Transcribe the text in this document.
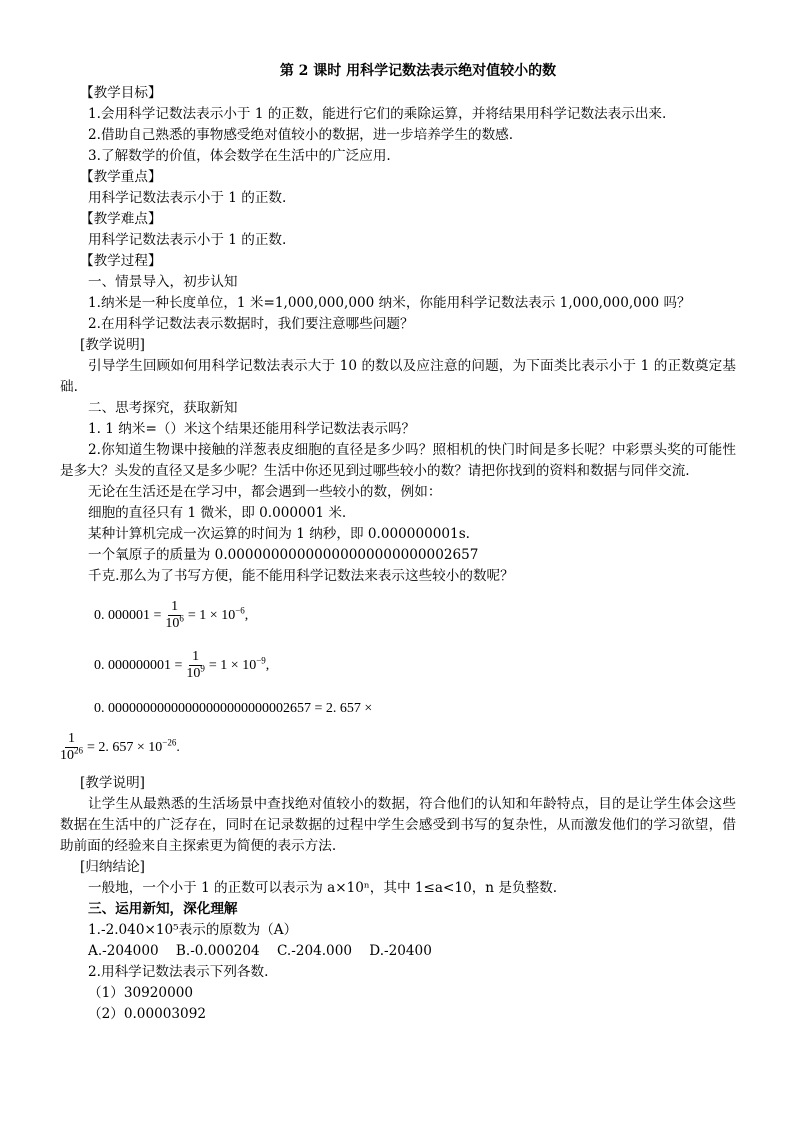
第 2 课时 用科学记数法表示绝对值较小的数
【教学目标】

1.会用科学记数法表示小于 1 的正数，能进行它们的乘除运算，并将结果用科学记数法表示出来.

2.借助自己熟悉的事物感受绝对值较小的数据，进一步培养学生的数感.

3.了解数学的价值，体会数学在生活中的广泛应用.

【教学重点】

用科学记数法表示小于 1 的正数.

【教学难点】

用科学记数法表示小于 1 的正数.

【教学过程】

一、情景导入，初步认知

1.纳米是一种长度单位，1 米=1,000,000,000 纳米，你能用科学记数法表示 1,000,000,000 吗？

2.在用科学记数法表示数据时，我们要注意哪些问题？

[教学说明]

引导学生回顾如何用科学记数法表示大于 10 的数以及应注意的问题，为下面类比表示小于 1 的正数奠定基础.

二、思考探究，获取新知

1. 1 纳米=（）米这个结果还能用科学记数法表示吗？

2.你知道生物课中接触的洋葱表皮细胞的直径是多少吗？照相机的快门时间是多长呢？中彩票头奖的可能性是多大？头发的直径又是多少呢？生活中你还见到过哪些较小的数？请把你找到的资料和数据与同伴交流.

无论在生活还是在学习中，都会遇到一些较小的数，例如：

细胞的直径只有 1 微米，即 0.000001 米.

某种计算机完成一次运算的时间为 1 纳秒，即 0.000000001s.

一个氧原子的质量为 0.00000000000000000000000002657

千克.那么为了书写方便，能不能用科学记数法来表示这些较小的数呢？

0. $000001 = \frac{1}{10^6} = 1 \times 10^{-6}$ ,
0. $000000001 = \frac{1}{10^9} = 1 \times 10^{-9}$ ,
0. 00000000000000000000000002657 = 2. 657 ×
$\frac{1}{10^{26}} = 2$. $657 \times 10^{-26}$ .

[教学说明]

让学生从最熟悉的生活场景中查找绝对值较小的数据，符合他们的认知和年龄特点，目的是让学生体会这些数据在生活中的广泛存在，同时在记录数据的过程中学生会感受到书写的复杂性，从而激发他们的学习欲望，借助前面的经验来自主探索更为简便的表示方法.

[归纳结论]

一般地，一个小于 1 的正数可以表示为 a×10ⁿ，其中 1≤a<10，n 是负整数.

三、运用新知，深化理解

1.-2.040×10⁵表示的原数为（A）

A.-204000    B.-0.000204    C.-204.000    D.-20400

2.用科学记数法表示下列各数.

（1）30920000

（2）0.00003092
